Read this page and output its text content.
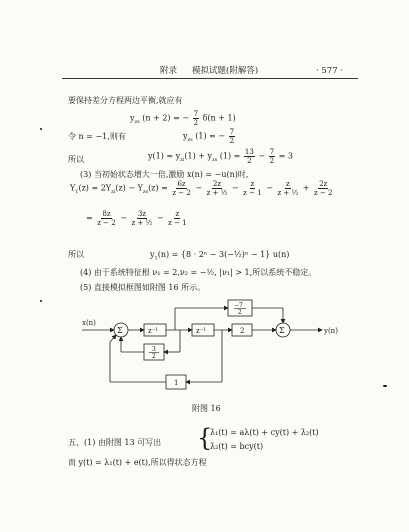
附录 模拟试题(附解答)	· 577 ·
要保持差分方程两边平衡,就应有
$y_{zs}$ (n + 2) = − $\frac{7}{2} \delta(n + 1)$
令 n = −1,则有	$y_{zs}$ (1) = − $\frac{7}{2}$
所以	$y(1) = y_{zi}(1) + y_{zs}$ $(1) = \frac{13}{2} - \frac{7}{2} = 3$
(3) 当初始状态增大一倍,激励 x(n) = −u(n)时,
$Y_1(z) = 2Y_{zi}(z) - Y_{zs}(z) = \frac{6z}{z - 2} - \frac{2z}{\text{z + ½}} - \frac{z}{z - 1} - \frac{z}{\text{z + ½}} + \frac{2z}{z - 2}$
= $\frac{8z}{z - 2} - \frac{3z}{\text{z + ½}} - \frac{z}{z - 1}$
所以	$y_1(n) = \{8 \cdot 2^n$ − 3(−½)ⁿ − 1} u(n)
(4) 由于系统特征根 ν₁ = 2,ν₂ = −½, |ν₁| > 1,所以系统不稳定。
(5) 直接模拟框图如附图 16 所示。
x(n)
Σ	z⁻¹	z⁻¹	2	Σ	y(n)
−7
2
3
2
1
附图 16
五、(1) 由附图 13 可写出 {
λ̇₁(t) = aλ(t) + cy(t) + λ̇₂(t)
λ̇₂(t) = bcy(t)
而 y(t) = λ₁(t) + e(t),所以得状态方程
